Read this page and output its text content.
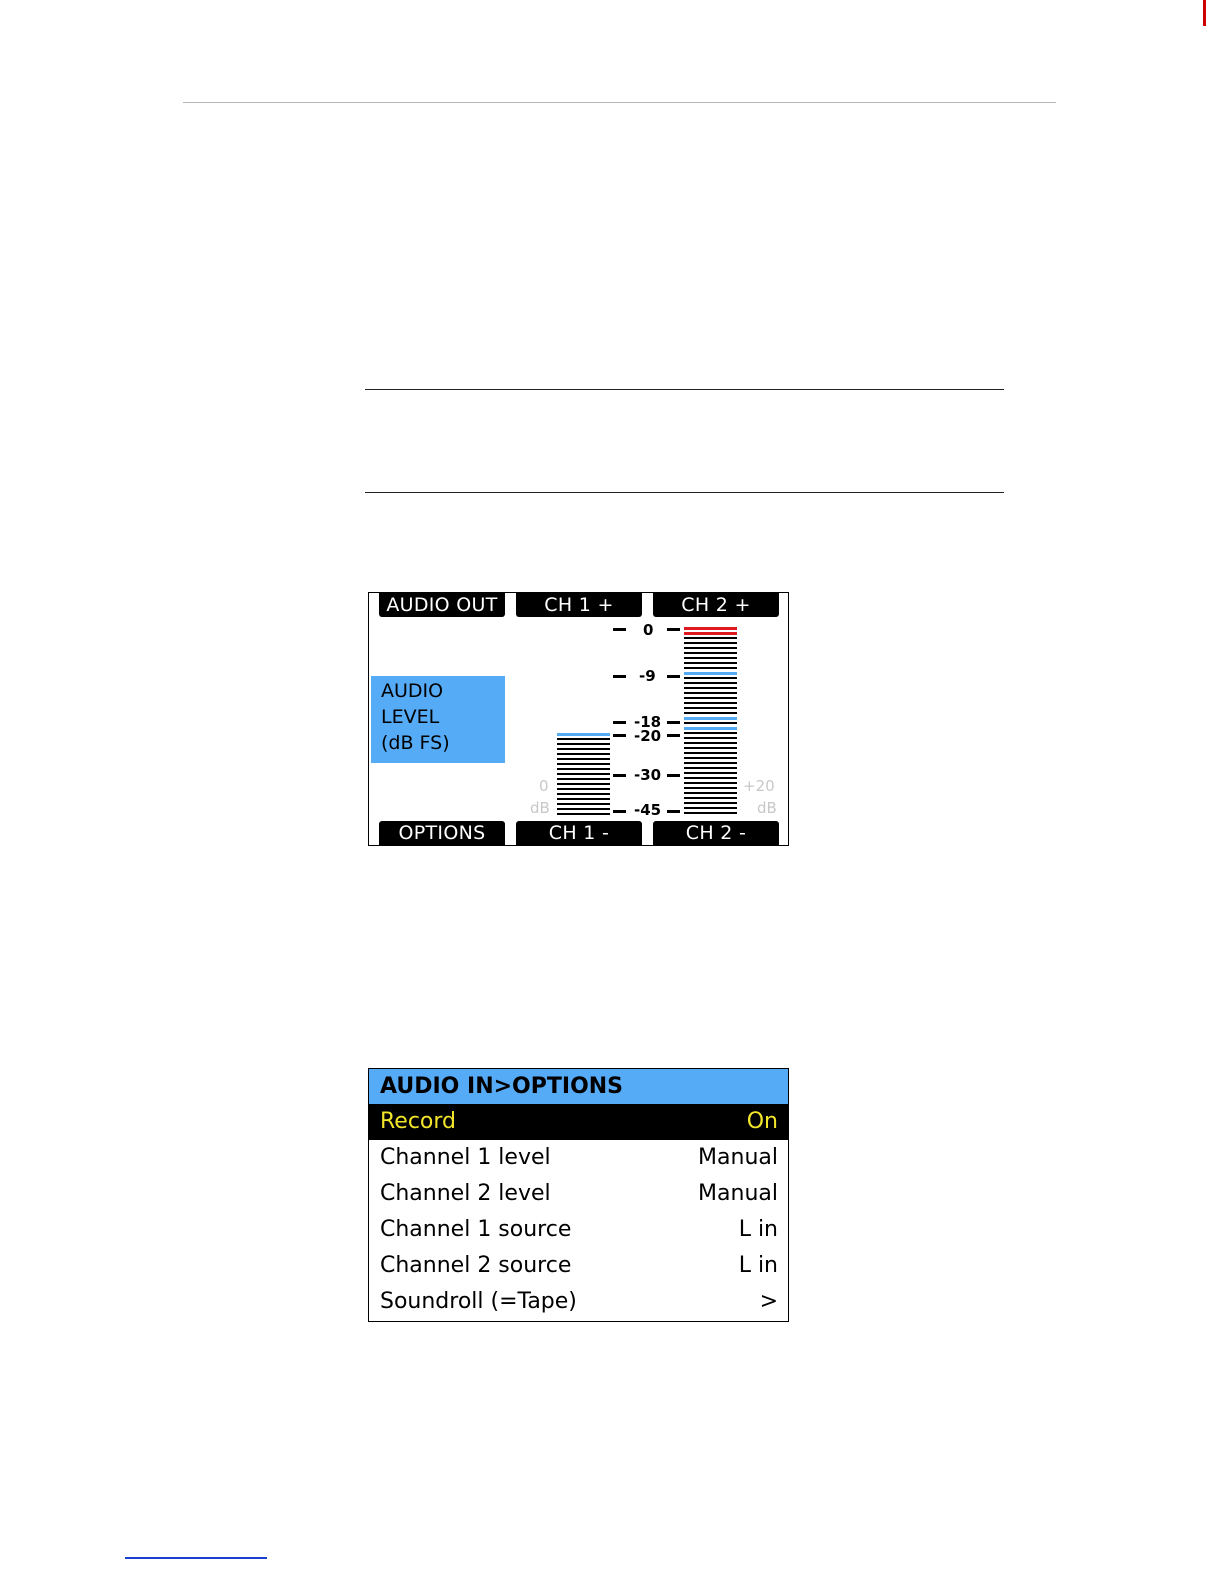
AUDIO OUT	CH 1 +	CH 2 +
AUDIO
LEVEL
(dB FS)
0
-9
-18
-20
-30
-45
0
dB
+20
dB
OPTIONS	CH 1 -	CH 2 -
AUDIO IN>OPTIONS
Record	On
Channel 1 level	Manual
Channel 2 level	Manual
Channel 1 source	L in
Channel 2 source	L in
Soundroll (=Tape)	>
